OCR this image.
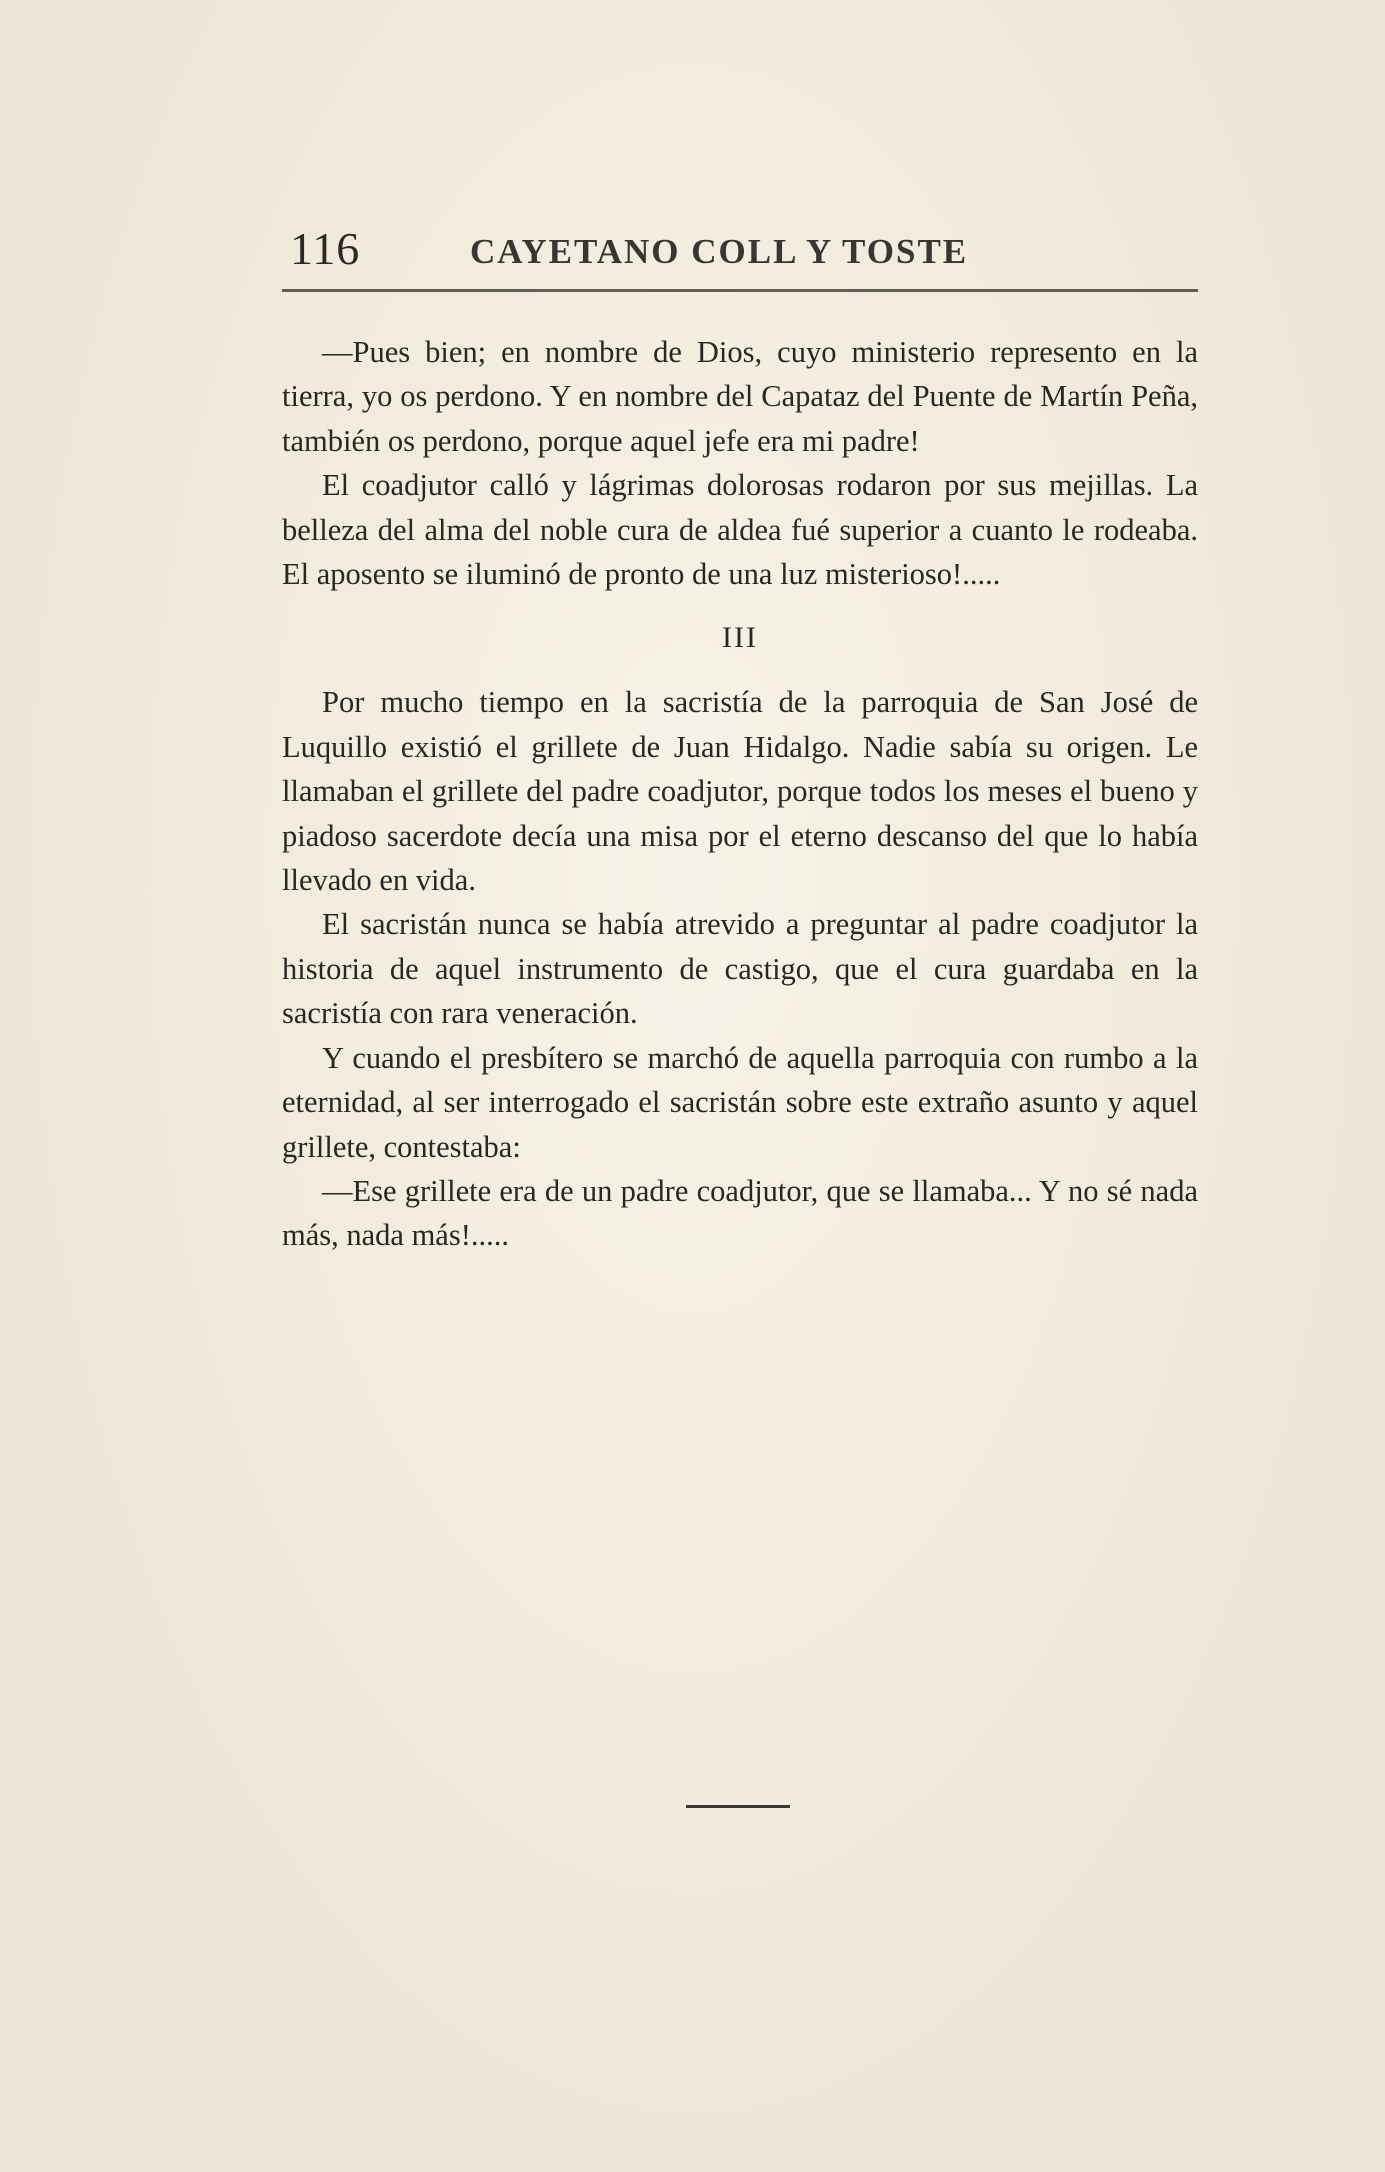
116	CAYETANO COLL Y TOSTE

—Pues bien; en nombre de Dios, cuyo ministerio represento en la tierra, yo os perdono. Y en nombre del Capataz del Puente de Martín Peña, también os perdono, porque aquel jefe era mi padre!

El coadjutor calló y lágrimas dolorosas rodaron por sus mejillas. La belleza del alma del noble cura de aldea fué superior a cuanto le rodeaba. El aposento se iluminó de pronto de una luz misterioso!.....

III

Por mucho tiempo en la sacristía de la parroquia de San José de Luquillo existió el grillete de Juan Hidalgo. Nadie sabía su origen. Le llamaban el grillete del padre coadjutor, porque todos los meses el bueno y piadoso sacerdote decía una misa por el eterno descanso del que lo había llevado en vida.

El sacristán nunca se había atrevido a preguntar al padre coadjutor la historia de aquel instrumento de castigo, que el cura guardaba en la sacristía con rara veneración.

Y cuando el presbítero se marchó de aquella parroquia con rumbo a la eternidad, al ser interrogado el sacristán sobre este extraño asunto y aquel grillete, contestaba:

—Ese grillete era de un padre coadjutor, que se llamaba... Y no sé nada más, nada más!.....
